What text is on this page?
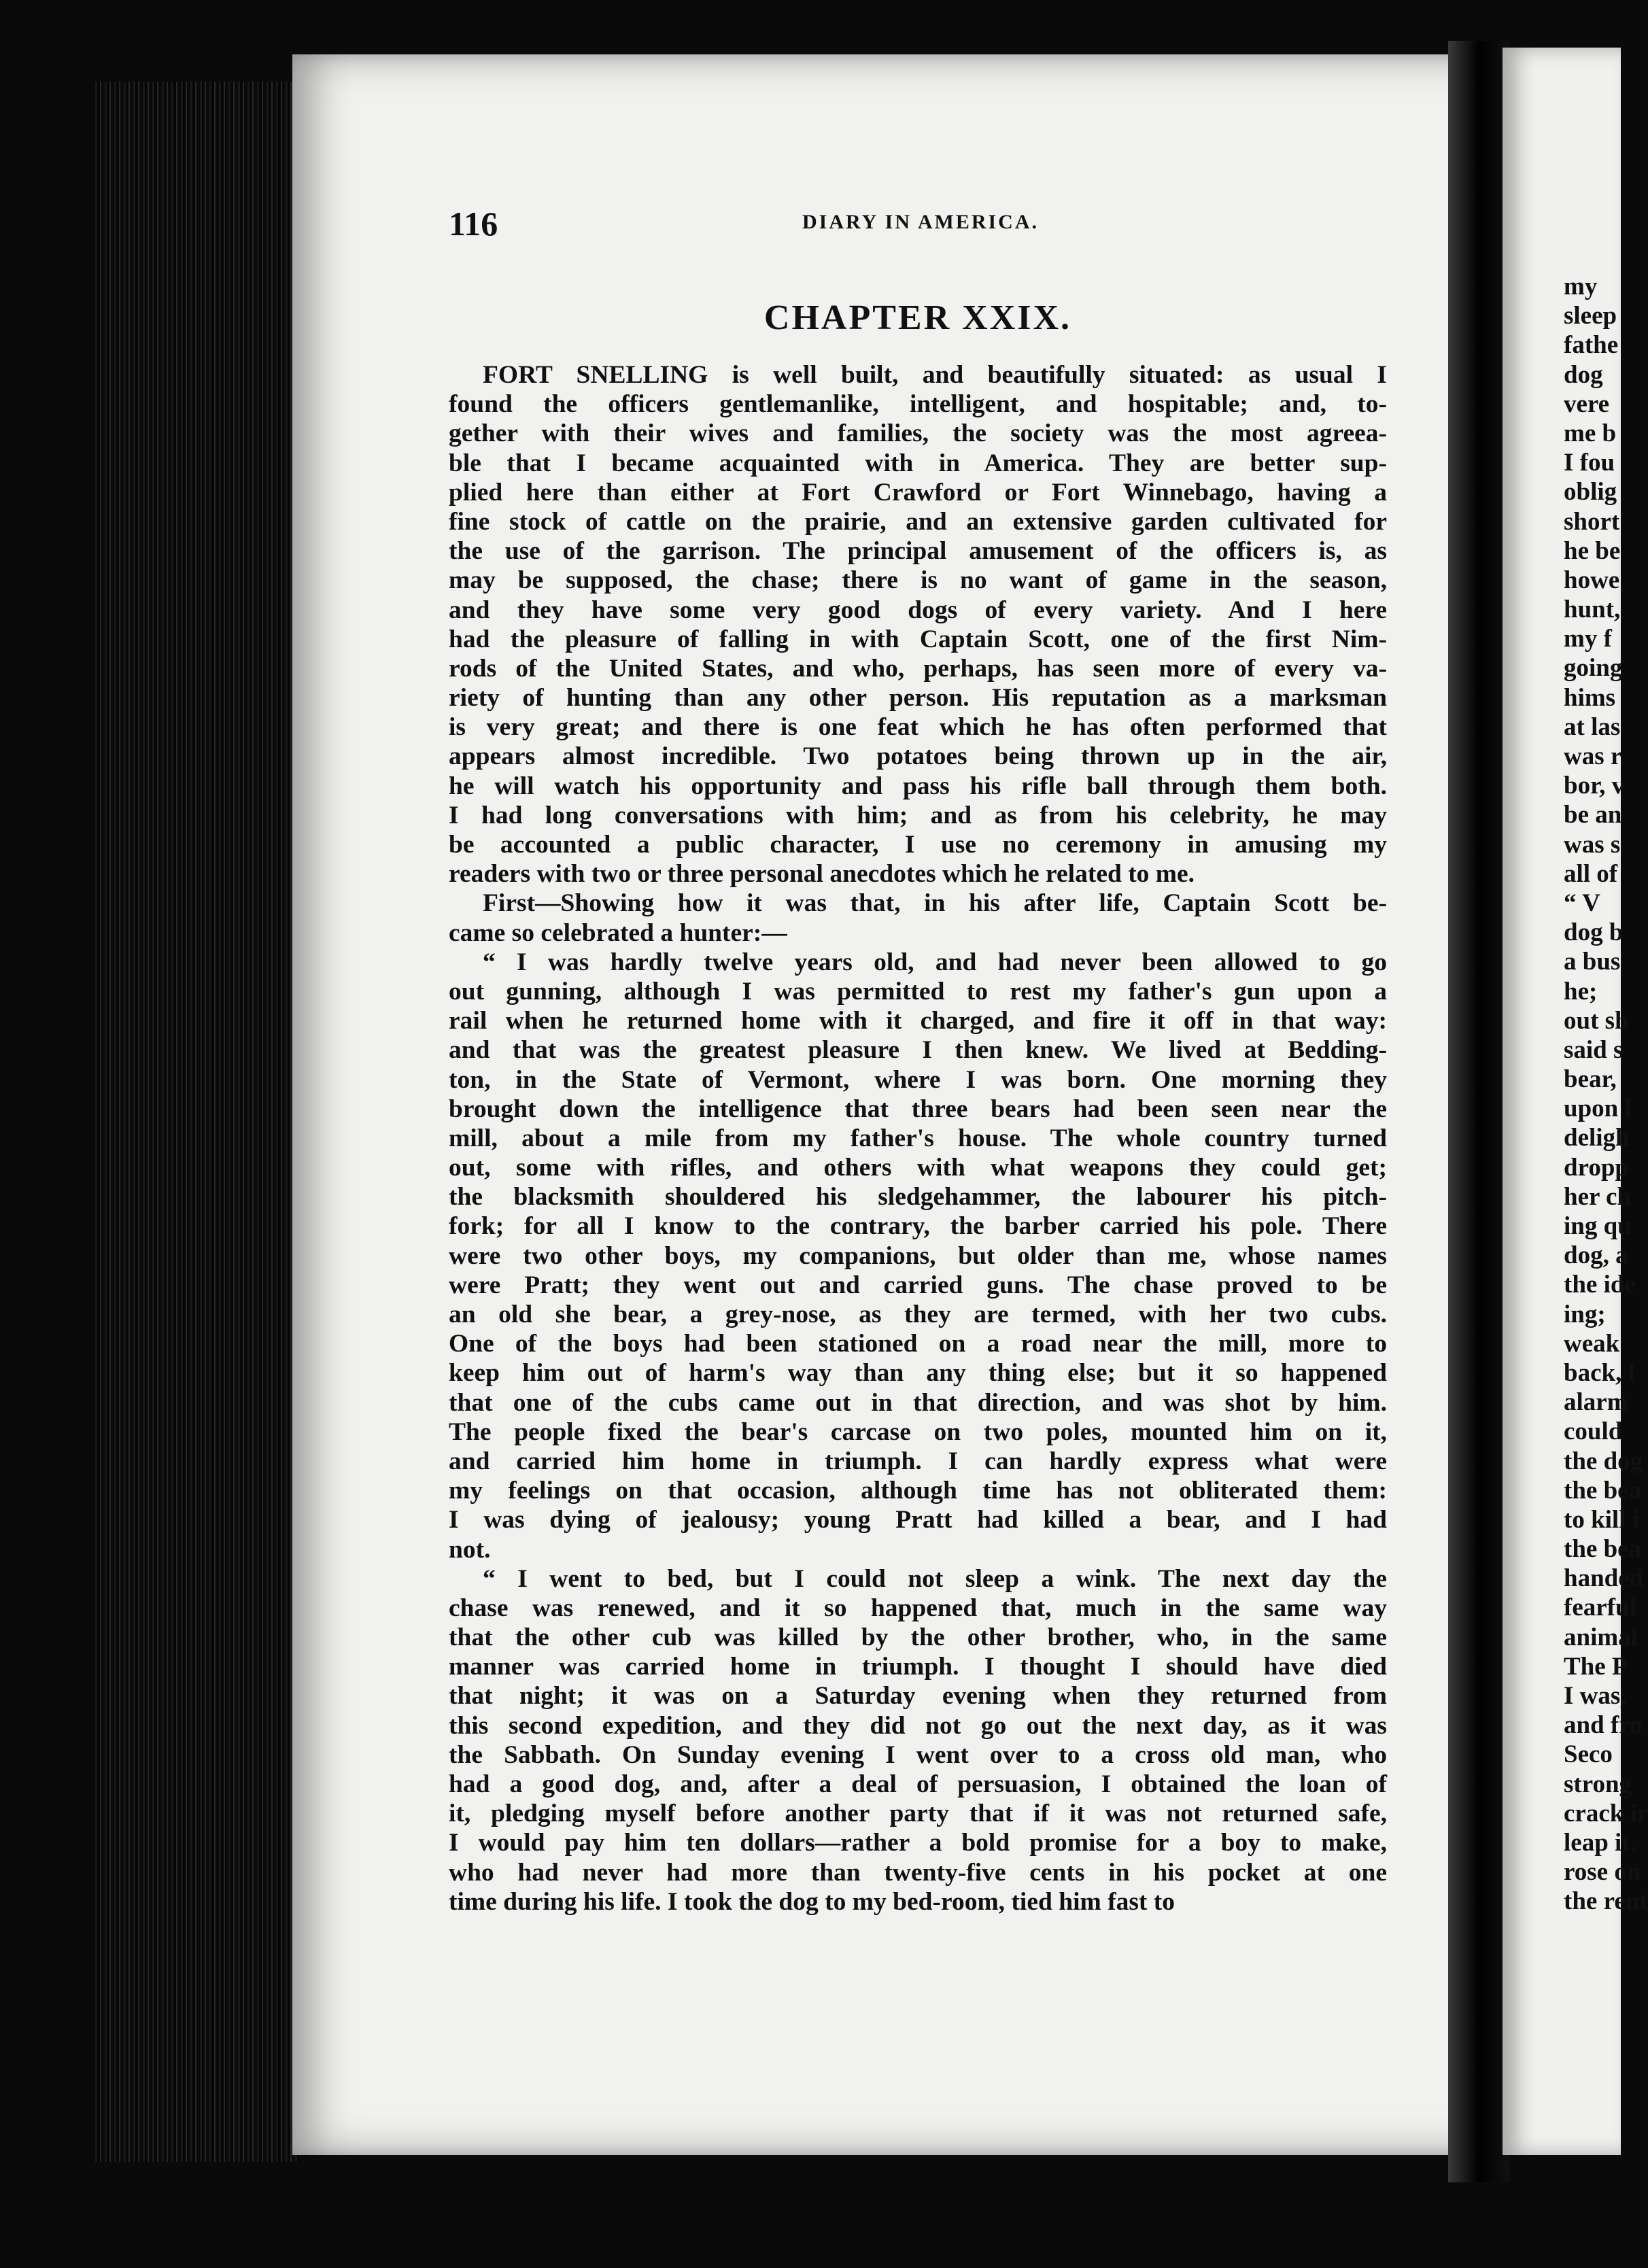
116	DIARY IN AMERICA.
CHAPTER XXIX.
FORT SNELLING is well built, and beautifully situated: as usual I
found the officers gentlemanlike, intelligent, and hospitable; and, to-
gether with their wives and families, the society was the most agreea-
ble that I became acquainted with in America. They are better sup-
plied here than either at Fort Crawford or Fort Winnebago, having a
fine stock of cattle on the prairie, and an extensive garden cultivated for
the use of the garrison. The principal amusement of the officers is, as
may be supposed, the chase; there is no want of game in the season,
and they have some very good dogs of every variety. And I here
had the pleasure of falling in with Captain Scott, one of the first Nim-
rods of the United States, and who, perhaps, has seen more of every va-
riety of hunting than any other person. His reputation as a marksman
is very great; and there is one feat which he has often performed that
appears almost incredible. Two potatoes being thrown up in the air,
he will watch his opportunity and pass his rifle ball through them both.
I had long conversations with him; and as from his celebrity, he may
be accounted a public character, I use no ceremony in amusing my
readers with two or three personal anecdotes which he related to me.
First—Showing how it was that, in his after life, Captain Scott be-
came so celebrated a hunter:—
“ I was hardly twelve years old, and had never been allowed to go
out gunning, although I was permitted to rest my father's gun upon a
rail when he returned home with it charged, and fire it off in that way:
and that was the greatest pleasure I then knew. We lived at Bedding-
ton, in the State of Vermont, where I was born. One morning they
brought down the intelligence that three bears had been seen near the
mill, about a mile from my father's house. The whole country turned
out, some with rifles, and others with what weapons they could get;
the blacksmith shouldered his sledgehammer, the labourer his pitch-
fork; for all I know to the contrary, the barber carried his pole. There
were two other boys, my companions, but older than me, whose names
were Pratt; they went out and carried guns. The chase proved to be
an old she bear, a grey-nose, as they are termed, with her two cubs.
One of the boys had been stationed on a road near the mill, more to
keep him out of harm's way than any thing else; but it so happened
that one of the cubs came out in that direction, and was shot by him.
The people fixed the bear's carcase on two poles, mounted him on it,
and carried him home in triumph. I can hardly express what were
my feelings on that occasion, although time has not obliterated them:
I was dying of jealousy; young Pratt had killed a bear, and I had
not.
“ I went to bed, but I could not sleep a wink. The next day the
chase was renewed, and it so happened that, much in the same way
that the other cub was killed by the other brother, who, in the same
manner was carried home in triumph. I thought I should have died
that night; it was on a Saturday evening when they returned from
this second expedition, and they did not go out the next day, as it was
the Sabbath. On Sunday evening I went over to a cross old man, who
had a good dog, and, after a deal of persuasion, I obtained the loan of
it, pledging myself before another party that if it was not returned safe,
I would pay him ten dollars—rather a bold promise for a boy to make,
who had never had more than twenty-five cents in his pocket at one
time during his life. I took the dog to my bed-room, tied him fast to
my
sleep
fathe
dog
vere
me b
I fou
oblig
short
he be
howe
hunt,
my f
going
hims
at las
was r
bor, v
be an
was s
all of
“ V
dog b
a bus
he;
out sh
said s
bear,
upon l
deligh
dropp
her ch
ing qu
dog, a
the ide
ing;
weak
back, l
alarm
could
the dog
the bea
to kill i
the bea
handed
fearful
animal
The P
I was,
and fro
Seco
strong
crack ir
leap it.
rose on
the rent
